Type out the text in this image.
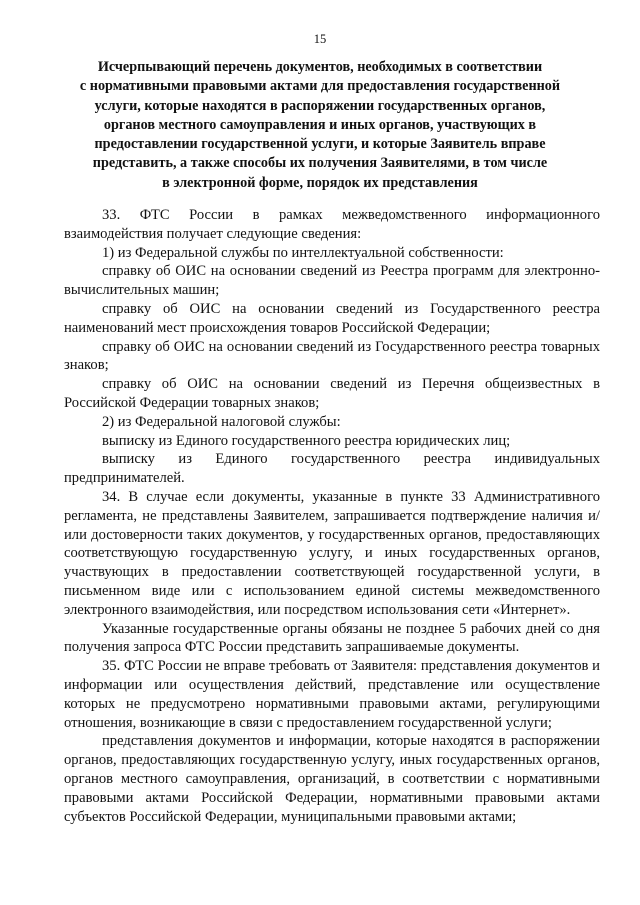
15
Исчерпывающий перечень документов, необходимых в соответствии
с нормативными правовыми актами для предоставления государственной
услуги, которые находятся в распоряжении государственных органов,
органов местного самоуправления и иных органов, участвующих в
предоставлении государственной услуги, и которые Заявитель вправе
представить, а также способы их получения Заявителями, в том числе
в электронной форме, порядок их представления

33. ФТС России в рамках межведомственного информационного взаимодействия получает следующие сведения:

1) из Федеральной службы по интеллектуальной собственности:

справку об ОИС на основании сведений из Реестра программ для электронно-вычислительных машин;

справку об ОИС на основании сведений из Государственного реестра наименований мест происхождения товаров Российской Федерации;

справку об ОИС на основании сведений из Государственного реестра товарных знаков;

справку об ОИС на основании сведений из Перечня общеизвестных в Российской Федерации товарных знаков;

2) из Федеральной налоговой службы:

выписку из Единого государственного реестра юридических лиц;

выписку из Единого государственного реестра индивидуальных предпринимателей.

34. В случае если документы, указанные в пункте 33 Административного регламента, не представлены Заявителем, запрашивается подтверждение наличия и/или достоверности таких документов, у государственных органов, предоставляющих соответствующую государственную услугу, и иных государственных органов, участвующих в предоставлении соответствующей государственной услуги, в письменном виде или с использованием единой системы межведомственного электронного взаимодействия, или посредством использования сети «Интернет».

Указанные государственные органы обязаны не позднее 5 рабочих дней со дня получения запроса ФТС России представить запрашиваемые документы.

35. ФТС России не вправе требовать от Заявителя: представления документов и информации или осуществления действий, представление или осуществление которых не предусмотрено нормативными правовыми актами, регулирующими отношения, возникающие в связи с предоставлением государственной услуги;

представления документов и информации, которые находятся в распоряжении органов, предоставляющих государственную услугу, иных государственных органов, органов местного самоуправления, организаций, в соответствии с нормативными правовыми актами Российской Федерации, нормативными правовыми актами субъектов Российской Федерации, муниципальными правовыми актами;
